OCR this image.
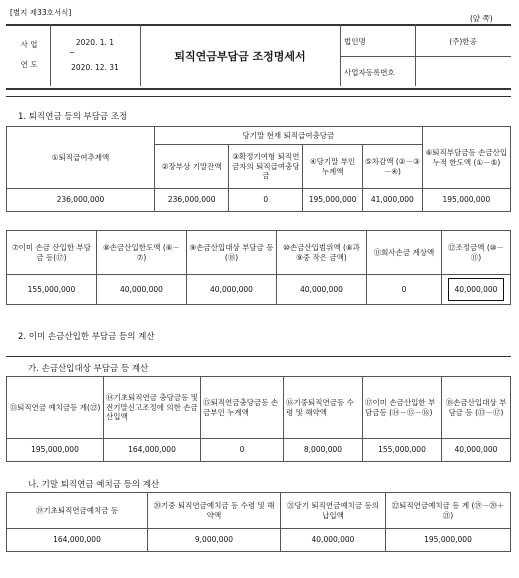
[별지 제33호서식]
(앞 쪽)
사 업
연 도
2020. 1. 1
~
2020. 12. 31
퇴직연금부담금 조정명세서
법인명	(주)한공
사업자등록번호
1. 퇴직연금 등의 부담금 조정
①퇴직급여추계액	당기말 현재 퇴직급여충당금				⑥퇴직부담금등 손금산입 누적 한도액 (①－⑤)
	②장부상 기말잔액	③확정기여형 퇴직연금자의 퇴직급여충당금	④당기말 부인 누계액	⑤차감액 (②－③－④)	
236,000,000	236,000,000	0	195,000,000	41,000,000	195,000,000
⑦이미 손금 산입한 부담금 등(⑰)	⑧손금산입한도액 (⑥－⑦)	⑨손금산입대상 부담금 등(⑱)	⑩손금산입범위액 (⑧과 ⑨중 작은 금액)	⑪회사손금 계상액	⑫조정금액 (⑩－⑪)
155,000,000	40,000,000	40,000,000	40,000,000	0	40,000,000
2. 이미 손금산입한 부담금 등의 계산
가. 손금산입대상 부담금 등 계산
⑬퇴직연금 예치금등 계(㉒)	⑭기초퇴직연금 충당금등 및 전기말신고조정에 의한 손금산입액	⑮퇴직연금충당금등 손금부인 누계액	⑯기중퇴직연금등 수령 및 해약액	⑰이미 손금산입한 부담금등 (⑭－⑮－⑯)	⑱손금산입대상 부담금 등 (⑬－⑰)
195,000,000	164,000,000	0	8,000,000	155,000,000	40,000,000
나. 기말 퇴직연금 예치금 등의 계산
⑲기초퇴직연금예치금 등	⑳기중 퇴직연금예치금 등 수령 및 해약액	㉑당기 퇴직연금예치금 등의 납입액	㉒퇴직연금예치금 등 계 (⑲－⑳＋㉑)
164,000,000	9,000,000	40,000,000	195,000,000
